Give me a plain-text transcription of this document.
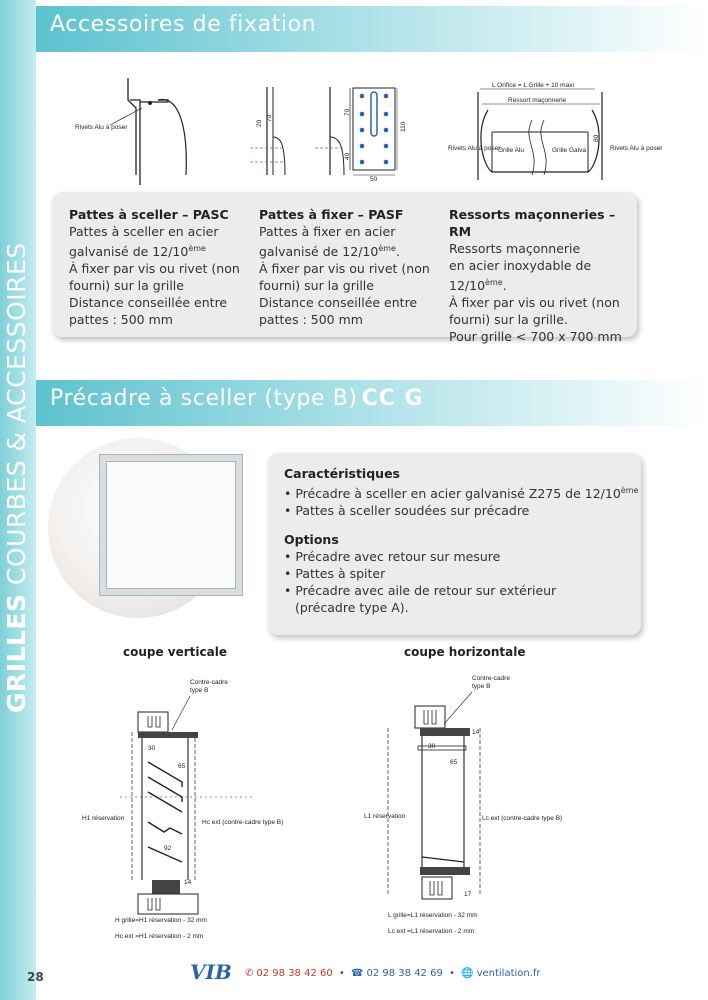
GRILLES COURBES & ACCESSOIRES
Accessoires de fixation
Rivets Alu à poser
70
110
40
70
50
20
L Orifice = L Grille + 10 maxi
Ressort maçonnerie
Grille Alu	Grille Galva
Rivets Alu à poser	Rivets Alu à poser
80
Pattes à sceller – PASC
Pattes à sceller en acier
galvanisé de 12/10ème
À fixer par vis ou rivet (non
fourni) sur la grille
Distance conseillée entre
pattes : 500 mm
Pattes à fixer – PASF
Pattes à fixer en acier
galvanisé de 12/10ème.
À fixer par vis ou rivet (non
fourni) sur la grille
Distance conseillée entre
pattes : 500 mm
Ressorts maçonneries – RM
Ressorts maçonnerie
en acier inoxydable de
12/10ème.
À fixer par vis ou rivet (non
fourni) sur la grille.
Pour grille < 700 x 700 mm
Précadre à sceller (type B) CC G
Caractéristiques
• Précadre à sceller en acier galvanisé Z275 de 12/10ème
• Pattes à sceller soudées sur précadre
Options
• Précadre avec retour sur mesure
• Pattes à spiter
• Précadre avec aile de retour sur extérieur
(précadre type A).
coupe verticale	coupe horizontale
Contre-cadre
type B
30
65
92
14
H1 réservation
Hc ext (contre-cadre type B)
H grille=H1 réservation - 32 mm
Hc ext =H1 réservation - 2 mm
Contre-cadre
type B
14
30
65
17
L1 réservation	Lc ext (contre-cadre type B)
L grille=L1 réservation - 32 mm
Lc ext =L1 réservation - 2 mm
28	VIB ✆ 02 98 38 42 60 • ☎ 02 98 38 42 69 • 🌐 ventilation.fr
